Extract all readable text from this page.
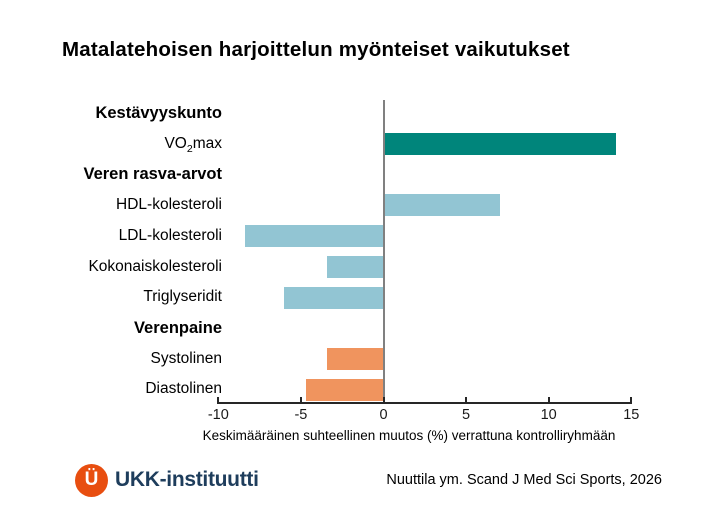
Matalatehoisen harjoittelun myönteiset vaikutukset
Kestävyyskunto
$VO_2\max$
Veren rasva-arvot
HDL-kolesteroli
LDL-kolesteroli
Kokonaiskolesteroli
Triglyseridit
Verenpaine
Systolinen
Diastolinen
-10	-5	0	5	10	15
Keskimääräinen suhteellinen muutos (%) verrattuna kontrolliryhmään
Ü UKK-instituutti	Nuuttila ym. Scand J Med Sci Sports, 2026
